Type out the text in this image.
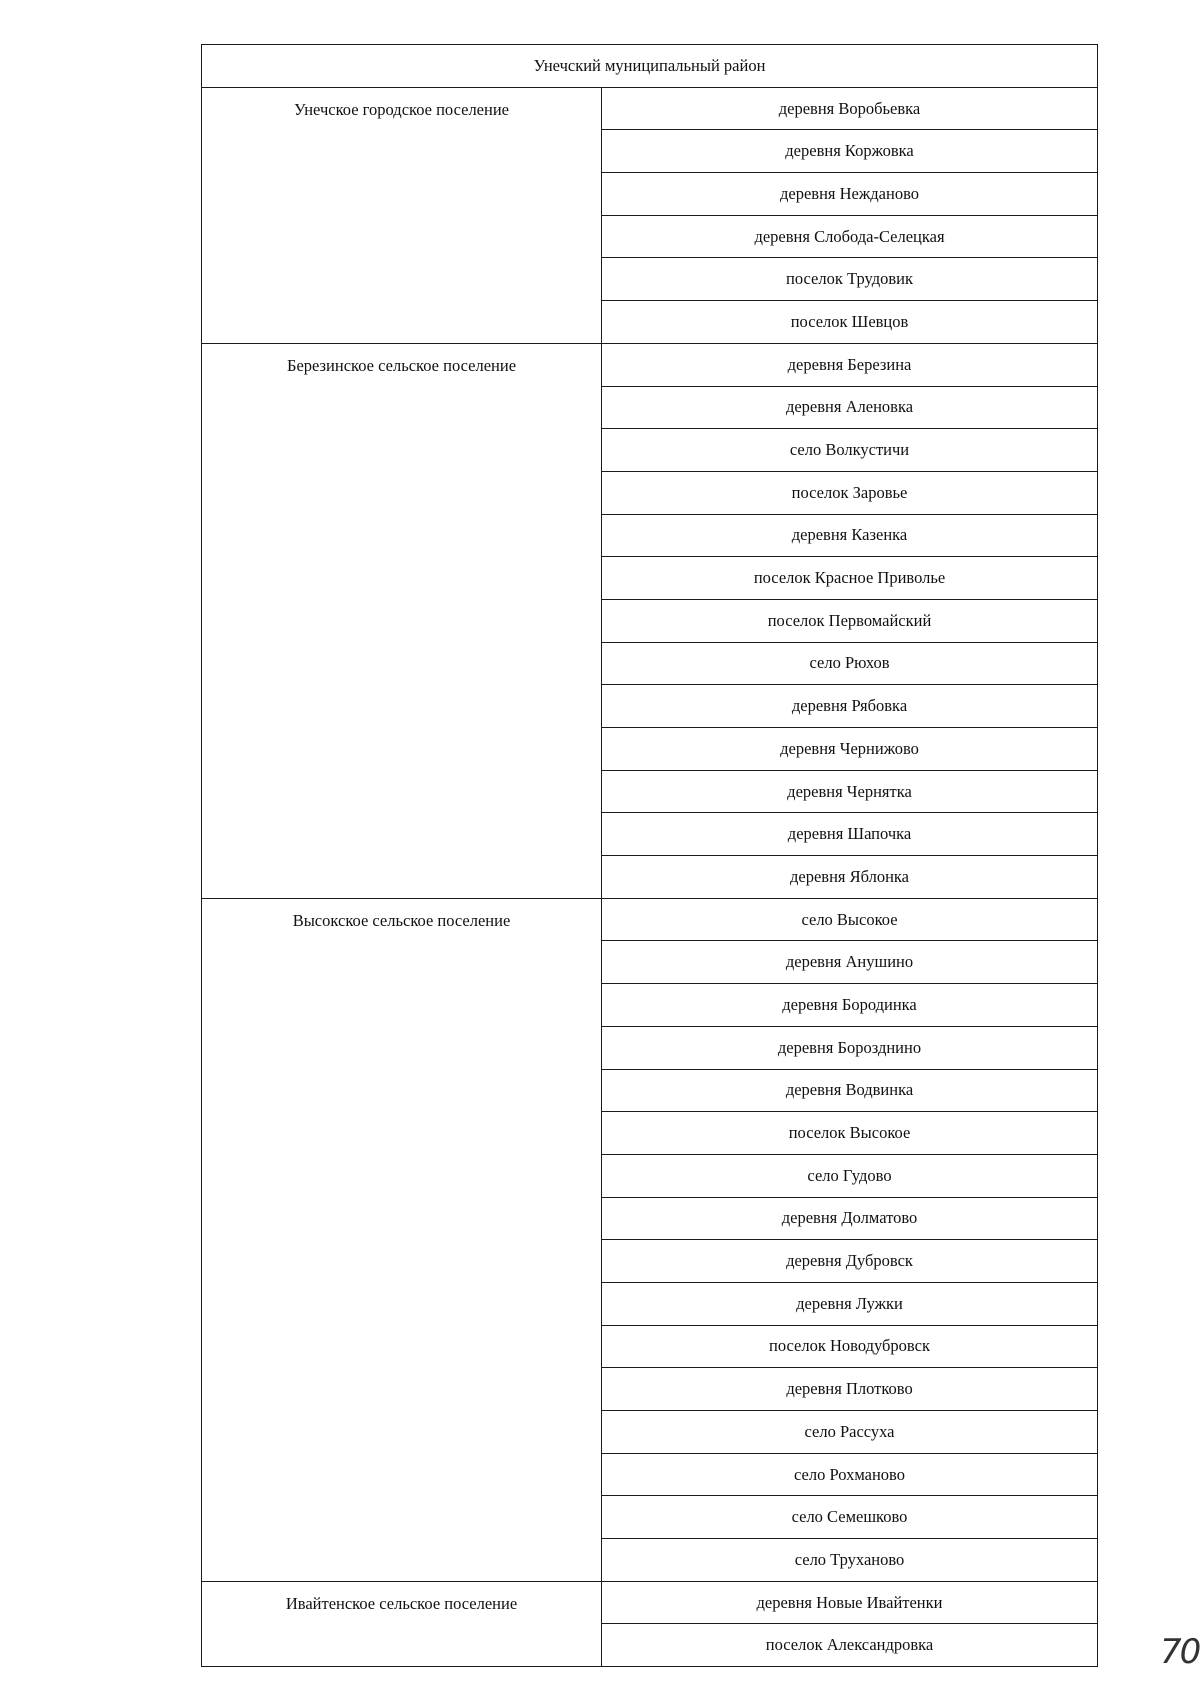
Унечский муниципальный район	
Унечское городское поселение	деревня Воробьевка
	деревня Коржовка
	деревня Нежданово
	деревня Слобода-Селецкая
	поселок Трудовик
	поселок Шевцов
Березинское сельское поселение	деревня Березина
	деревня Аленовка
	село Волкустичи
	поселок Заровье
	деревня Казенка
	поселок Красное Приволье
	поселок Первомайский
	село Рюхов
	деревня Рябовка
	деревня Чернижово
	деревня Чернятка
	деревня Шапочка
	деревня Яблонка
Высокское сельское поселение	село Высокое
	деревня Анушино
	деревня Бородинка
	деревня Борозднино
	деревня Водвинка
	поселок Высокое
	село Гудово
	деревня Долматово
	деревня Дубровск
	деревня Лужки
	поселок Новодубровск
	деревня Плотково
	село Рассуха
	село Рохманово
	село Семешково
	село Труханово
Ивайтенское сельское поселение	деревня Новые Ивайтенки
	поселок Александровка	70
